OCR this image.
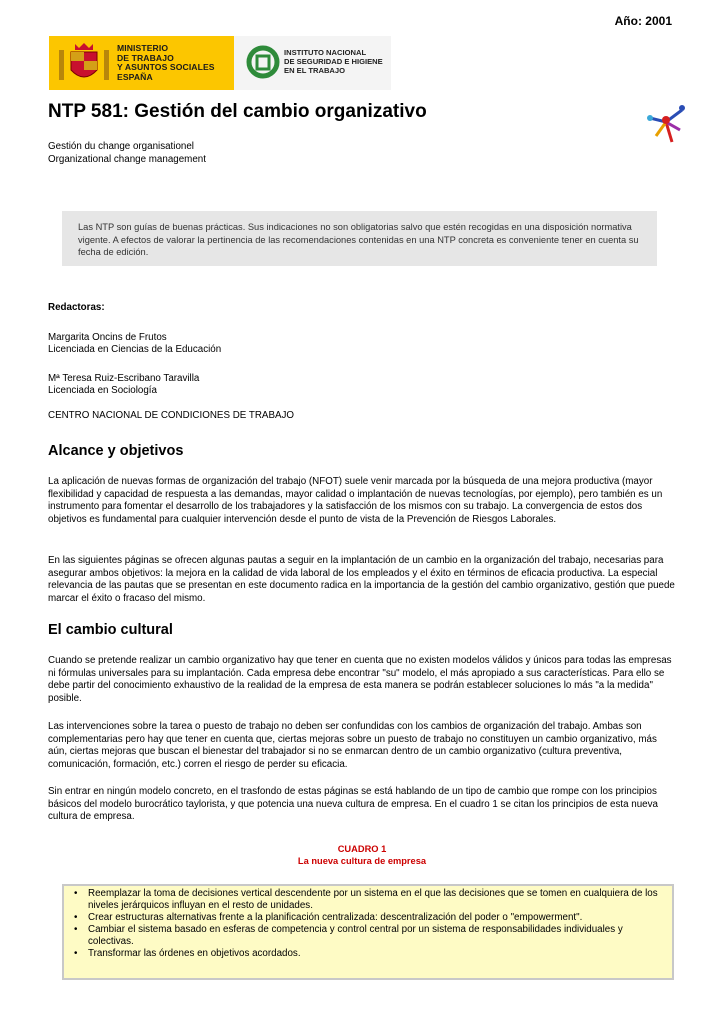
Año: 2001
MINISTERIO
DE TRABAJO
Y ASUNTOS SOCIALES
ESPAÑA
INSTITUTO NACIONAL
DE SEGURIDAD E HIGIENE
EN EL TRABAJO
NTP 581: Gestión del cambio organizativo
Gestión du change organisationel
Organizational change management

Las NTP son guías de buenas prácticas. Sus indicaciones no son obligatorias salvo que estén recogidas en una disposición normativa vigente. A efectos de valorar la pertinencia de las recomendaciones contenidas en una NTP concreta es conveniente tener en cuenta su fecha de edición.

Redactoras:
Margarita Oncins de Frutos
Licenciada en Ciencias de la Educación
Mª Teresa Ruiz-Escribano Taravilla
Licenciada en Sociología
CENTRO NACIONAL DE CONDICIONES DE TRABAJO
Alcance y objetivos

La aplicación de nuevas formas de organización del trabajo (NFOT) suele venir marcada por la búsqueda de una mejora productiva (mayor flexibilidad y capacidad de respuesta a las demandas, mayor calidad o implantación de nuevas tecnologías, por ejemplo), pero también es un instrumento para fomentar el desarrollo de los trabajadores y la satisfacción de los mismos con su trabajo. La convergencia de estos dos objetivos es fundamental para cualquier intervención desde el punto de vista de la Prevención de Riesgos Laborales.

En las siguientes páginas se ofrecen algunas pautas a seguir en la implantación de un cambio en la organización del trabajo, necesarias para asegurar ambos objetivos: la mejora en la calidad de vida laboral de los empleados y el éxito en términos de eficacia productiva. La especial relevancia de las pautas que se presentan en este documento radica en la importancia de la gestión del cambio organizativo, gestión que puede marcar el éxito o fracaso del mismo.

El cambio cultural

Cuando se pretende realizar un cambio organizativo hay que tener en cuenta que no existen modelos válidos y únicos para todas las empresas ni fórmulas universales para su implantación. Cada empresa debe encontrar "su" modelo, el más apropiado a sus características. Para ello se debe partir del conocimiento exhaustivo de la realidad de la empresa de esta manera se podrán establecer soluciones lo más "a la medida" posible.

Las intervenciones sobre la tarea o puesto de trabajo no deben ser confundidas con los cambios de organización del trabajo. Ambas son complementarias pero hay que tener en cuenta que, ciertas mejoras sobre un puesto de trabajo no constituyen un cambio organizativo, más aún, ciertas mejoras que buscan el bienestar del trabajador si no se enmarcan dentro de un cambio organizativo (cultura preventiva, comunicación, formación, etc.) corren el riesgo de perder su eficacia.

Sin entrar en ningún modelo concreto, en el trasfondo de estas páginas se está hablando de un tipo de cambio que rompe con los principios básicos del modelo burocrático taylorista, y que potencia una nueva cultura de empresa. En el cuadro 1 se citan los principios de esta nueva cultura de empresa.

CUADRO 1
La nueva cultura de empresa
• Reemplazar la toma de decisiones vertical descendente por un sistema en el que las decisiones que se tomen en cualquiera de los niveles jerárquicos influyan en el resto de unidades.
• Crear estructuras alternativas frente a la planificación centralizada: descentralización del poder o "empowerment".
• Cambiar el sistema basado en esferas de competencia y control central por un sistema de responsabilidades individuales y colectivas.
• Transformar las órdenes en objetivos acordados.
